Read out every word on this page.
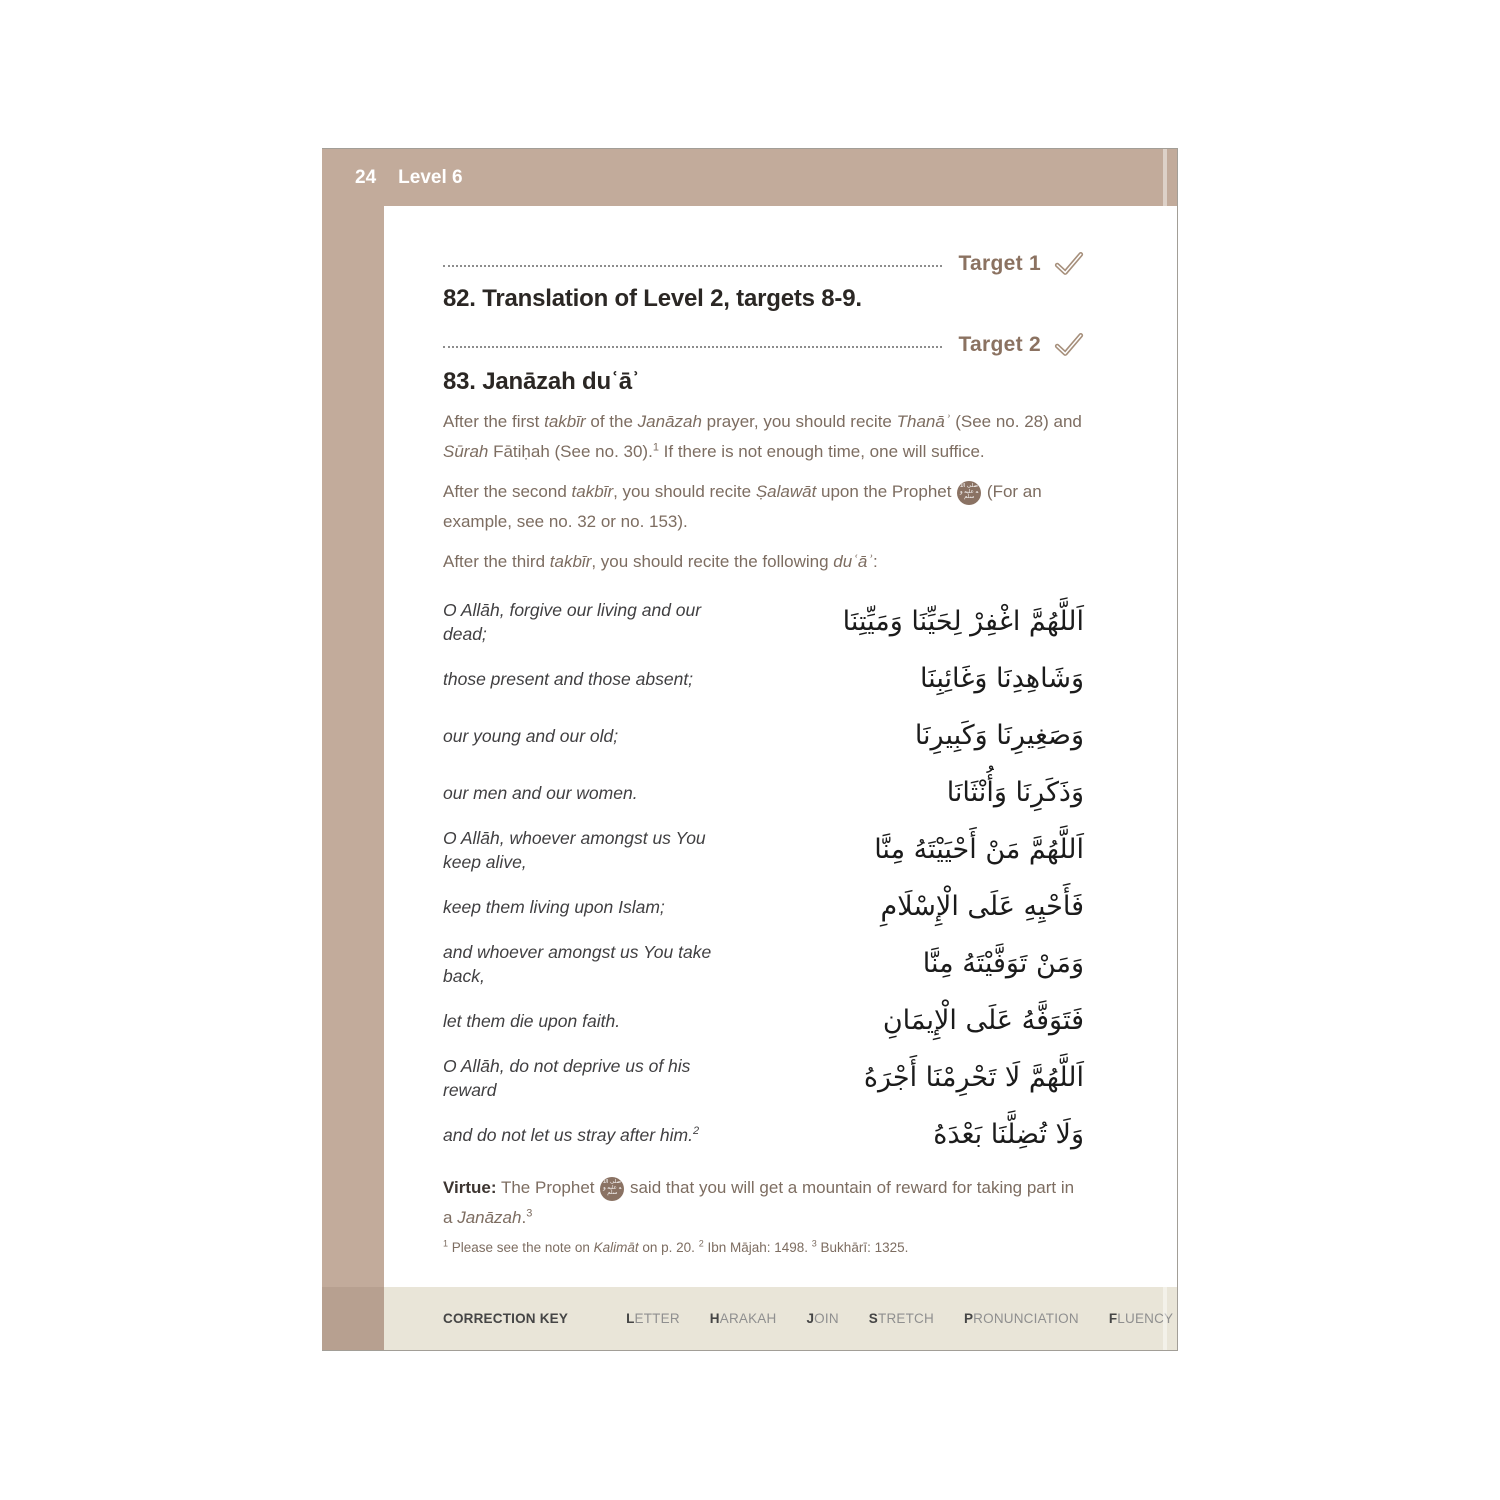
24 Level 6
Target 1
82. Translation of Level 2, targets 8-9.
Target 2
83. Janāzah duʿāʾ

After the first takbīr of the Janāzah prayer, you should recite Thanāʾ (See no. 28) and Sūrah Fātiḥah (See no. 30).$^1$ If there is not enough time, one will suffice.

After the second takbīr, you should recite Ṣalawāt upon the Prophet صلى الله عليه وسلم (For an example, see no. 32 or no. 153).

After the third takbīr, you should recite the following duʿāʾ:

O Allāh, forgive our living and our dead;	اَللَّهُمَّ اغْفِرْ لِحَيِّنَا وَمَيِّتِنَا
those present and those absent;	وَشَاهِدِنَا وَغَائِبِنَا
our young and our old;	وَصَغِيرِنَا وَكَبِيرِنَا
our men and our women.	وَذَكَرِنَا وَأُنْثَانَا
O Allāh, whoever amongst us You keep alive,	اَللَّهُمَّ مَنْ أَحْيَيْتَهُ مِنَّا
keep them living upon Islam;	فَأَحْيِهِ عَلَى الْإِسْلَامِ
and whoever amongst us You take back,	وَمَنْ تَوَفَّيْتَهُ مِنَّا
let them die upon faith.	فَتَوَفَّهُ عَلَى الْإِيمَانِ
O Allāh, do not deprive us of his reward	اَللَّهُمَّ لَا تَحْرِمْنَا أَجْرَهُ
and do not let us stray after him.$^2$	وَلَا تُضِلَّنَا بَعْدَهُ

Virtue: The Prophet صلى الله عليه وسلم said that you will get a mountain of reward for taking part in a Janāzah.$^3$

$^1$ Please see the note on Kalimāt on p. 20. $^2$ Ibn Mājah: 1498. $^3$ Bukhārī: 1325.

CORRECTION KEY	LETTER HARAKAH JOIN STRETCH PRONUNCIATION FLUENCY
